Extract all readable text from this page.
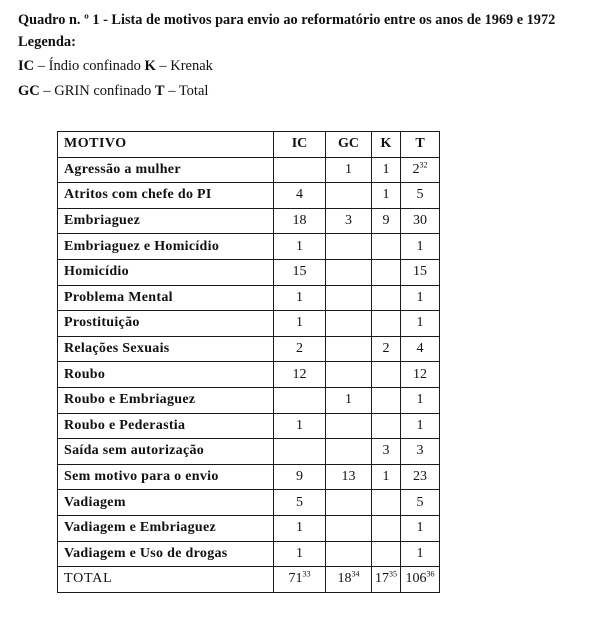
Quadro n. º 1 - Lista de motivos para envio ao reformatório entre os anos de 1969 e 1972
Legenda:
IC – Índio confinado K – Krenak
GC – GRIN confinado T – Total
MOTIVO	IC	GC	K	T
Agressão a mulher		1	1	$2^{32}$
Atritos com chefe do PI	4		1	5
Embriaguez	18	3	9	30
Embriaguez e Homicídio	1			1
Homicídio	15			15
Problema Mental	1			1
Prostituição	1			1
Relações Sexuais	2		2	4
Roubo	12			12
Roubo e Embriaguez		1		1
Roubo e Pederastia	1			1
Saída sem autorização			3	3
Sem motivo para o envio	9	13	1	23
Vadiagem	5			5
Vadiagem e Embriaguez	1			1
Vadiagem e Uso de drogas	1			1
TOTAL	$71^{33}$	$18^{34}$	$17^{35}$	$106^{36}$
